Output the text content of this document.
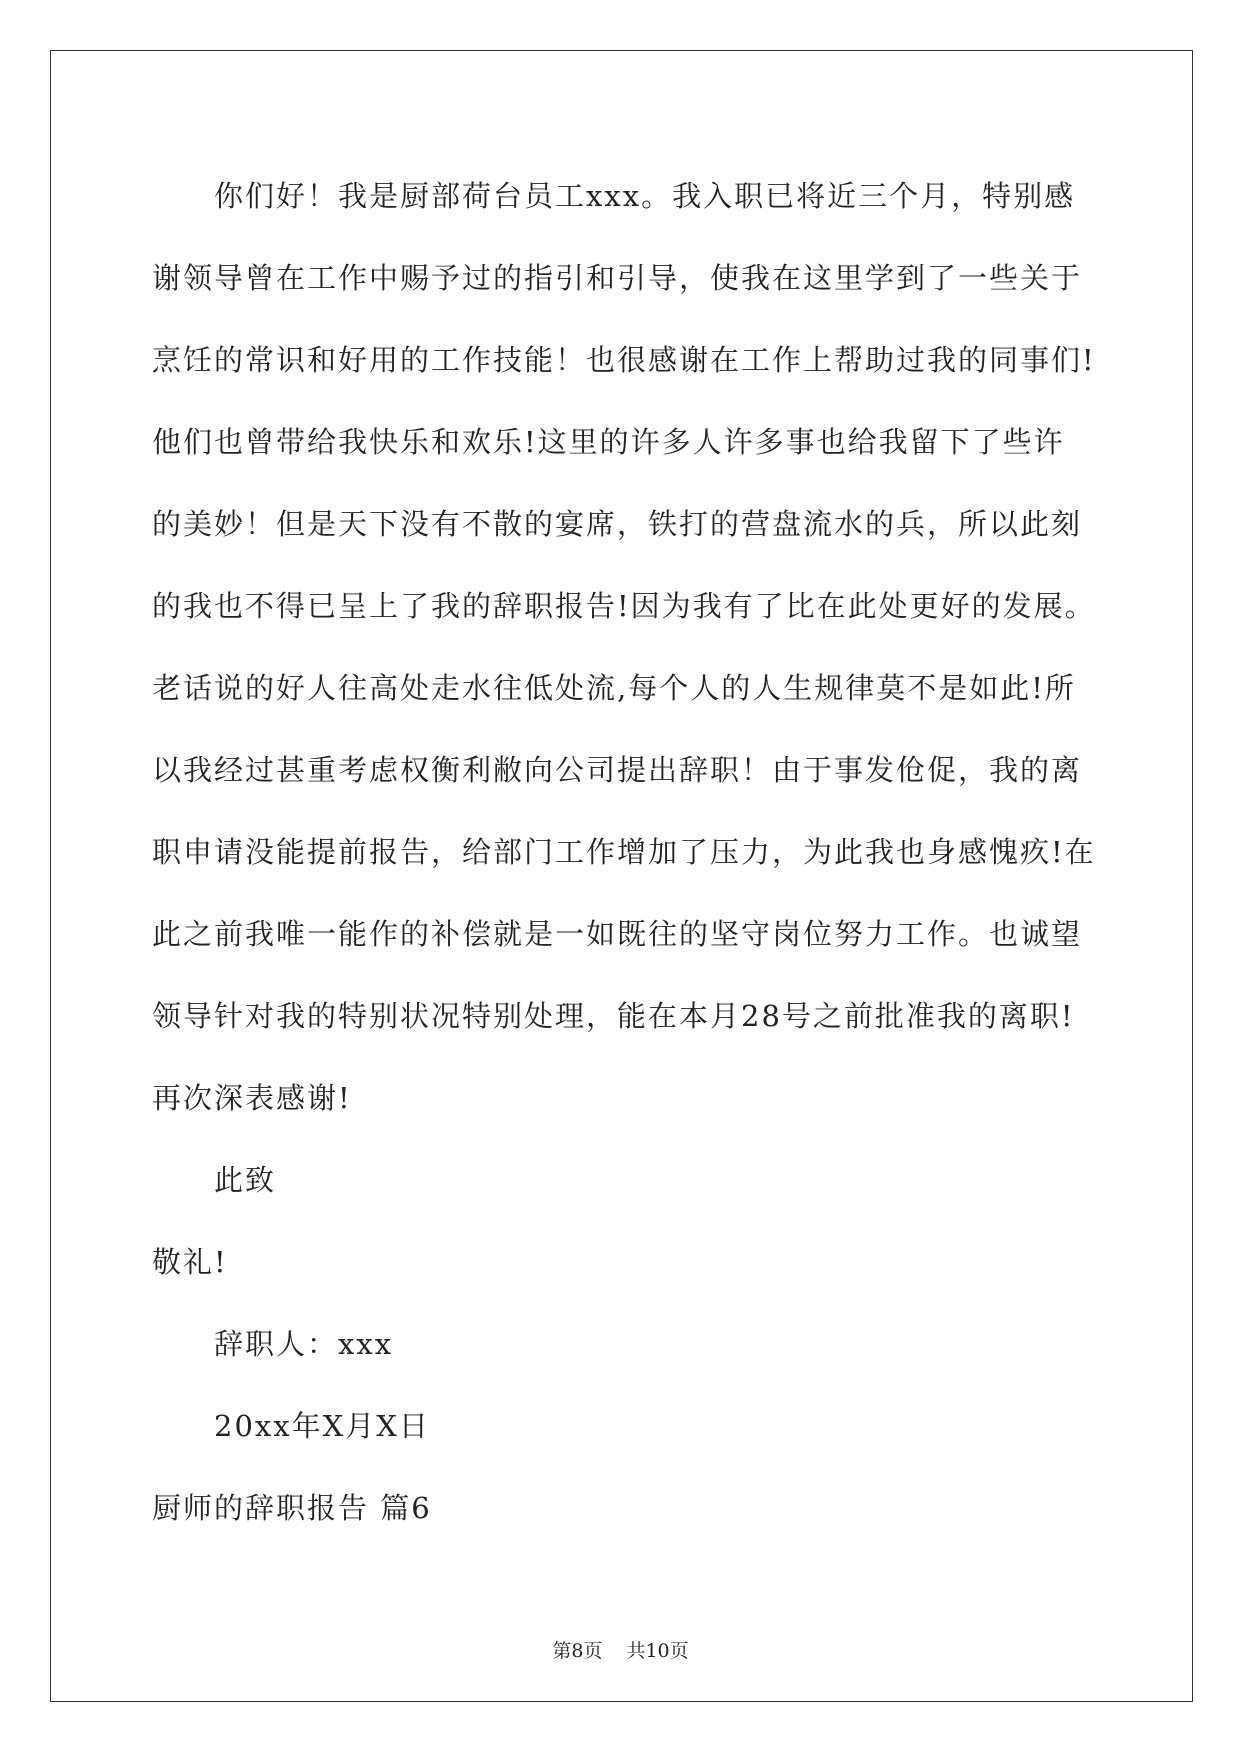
你们好！我是厨部荷台员工xxx。我入职已将近三个月，特别感
谢领导曾在工作中赐予过的指引和引导，使我在这里学到了一些关于
烹饪的常识和好用的工作技能！也很感谢在工作上帮助过我的同事们!
他们也曾带给我快乐和欢乐!这里的许多人许多事也给我留下了些许
的美妙！但是天下没有不散的宴席，铁打的营盘流水的兵，所以此刻
的我也不得已呈上了我的辞职报告!因为我有了比在此处更好的发展。
老话说的好人往高处走水往低处流,每个人的人生规律莫不是如此!所
以我经过甚重考虑权衡利敝向公司提出辞职！由于事发伧促，我的离
职申请没能提前报告，给部门工作增加了压力，为此我也身感愧疚!在
此之前我唯一能作的补偿就是一如既往的坚守岗位努力工作。也诚望
领导针对我的特别状况特别处理，能在本月28号之前批准我的离职!
再次深表感谢!
此致
敬礼!
辞职人：xxx
20xx年X月X日
厨师的辞职报告 篇6
第8页 共10页
